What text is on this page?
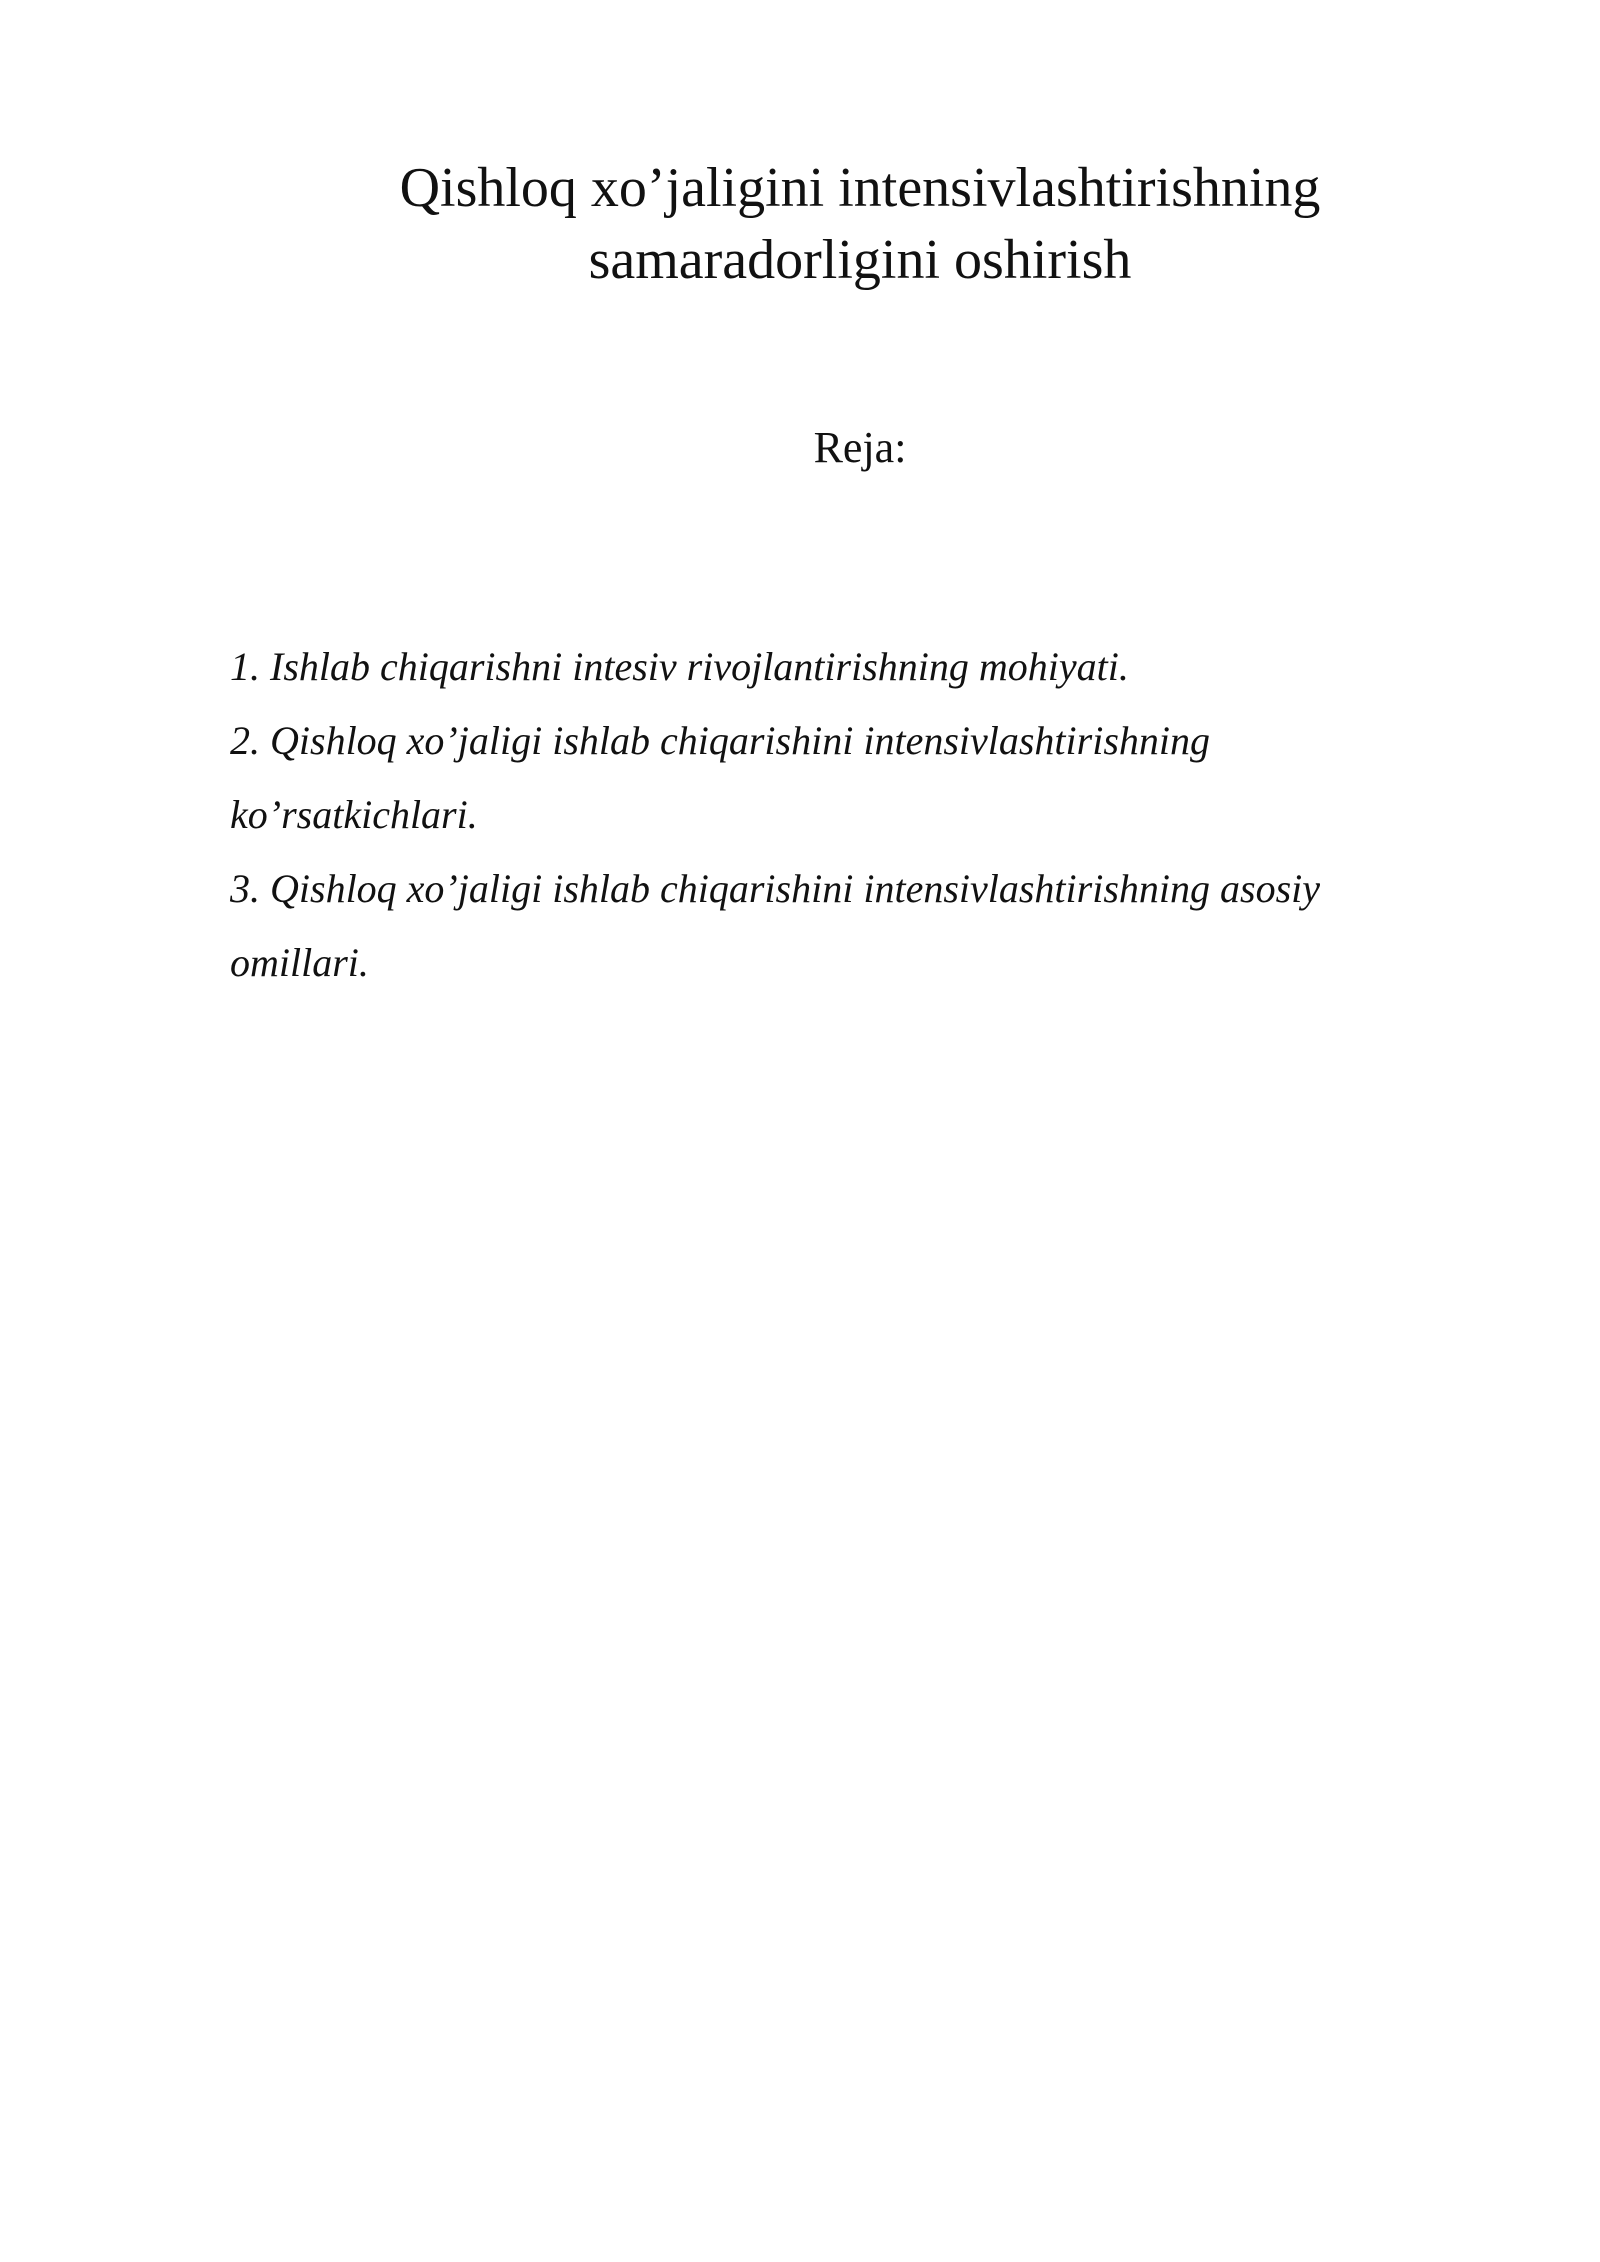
Qishloq xo’jaligini intensivlashtirishning
samaradorligini oshirish
Reja:
1. Ishlab chiqarishni intesiv rivojlantirishning mohiyati.
2. Qishloq xo’jaligi ishlab chiqarishini intensivlashtirishning ko’rsatkichlari.
3. Qishloq xo’jaligi ishlab chiqarishini intensivlashtirishning asosiy omillari.
